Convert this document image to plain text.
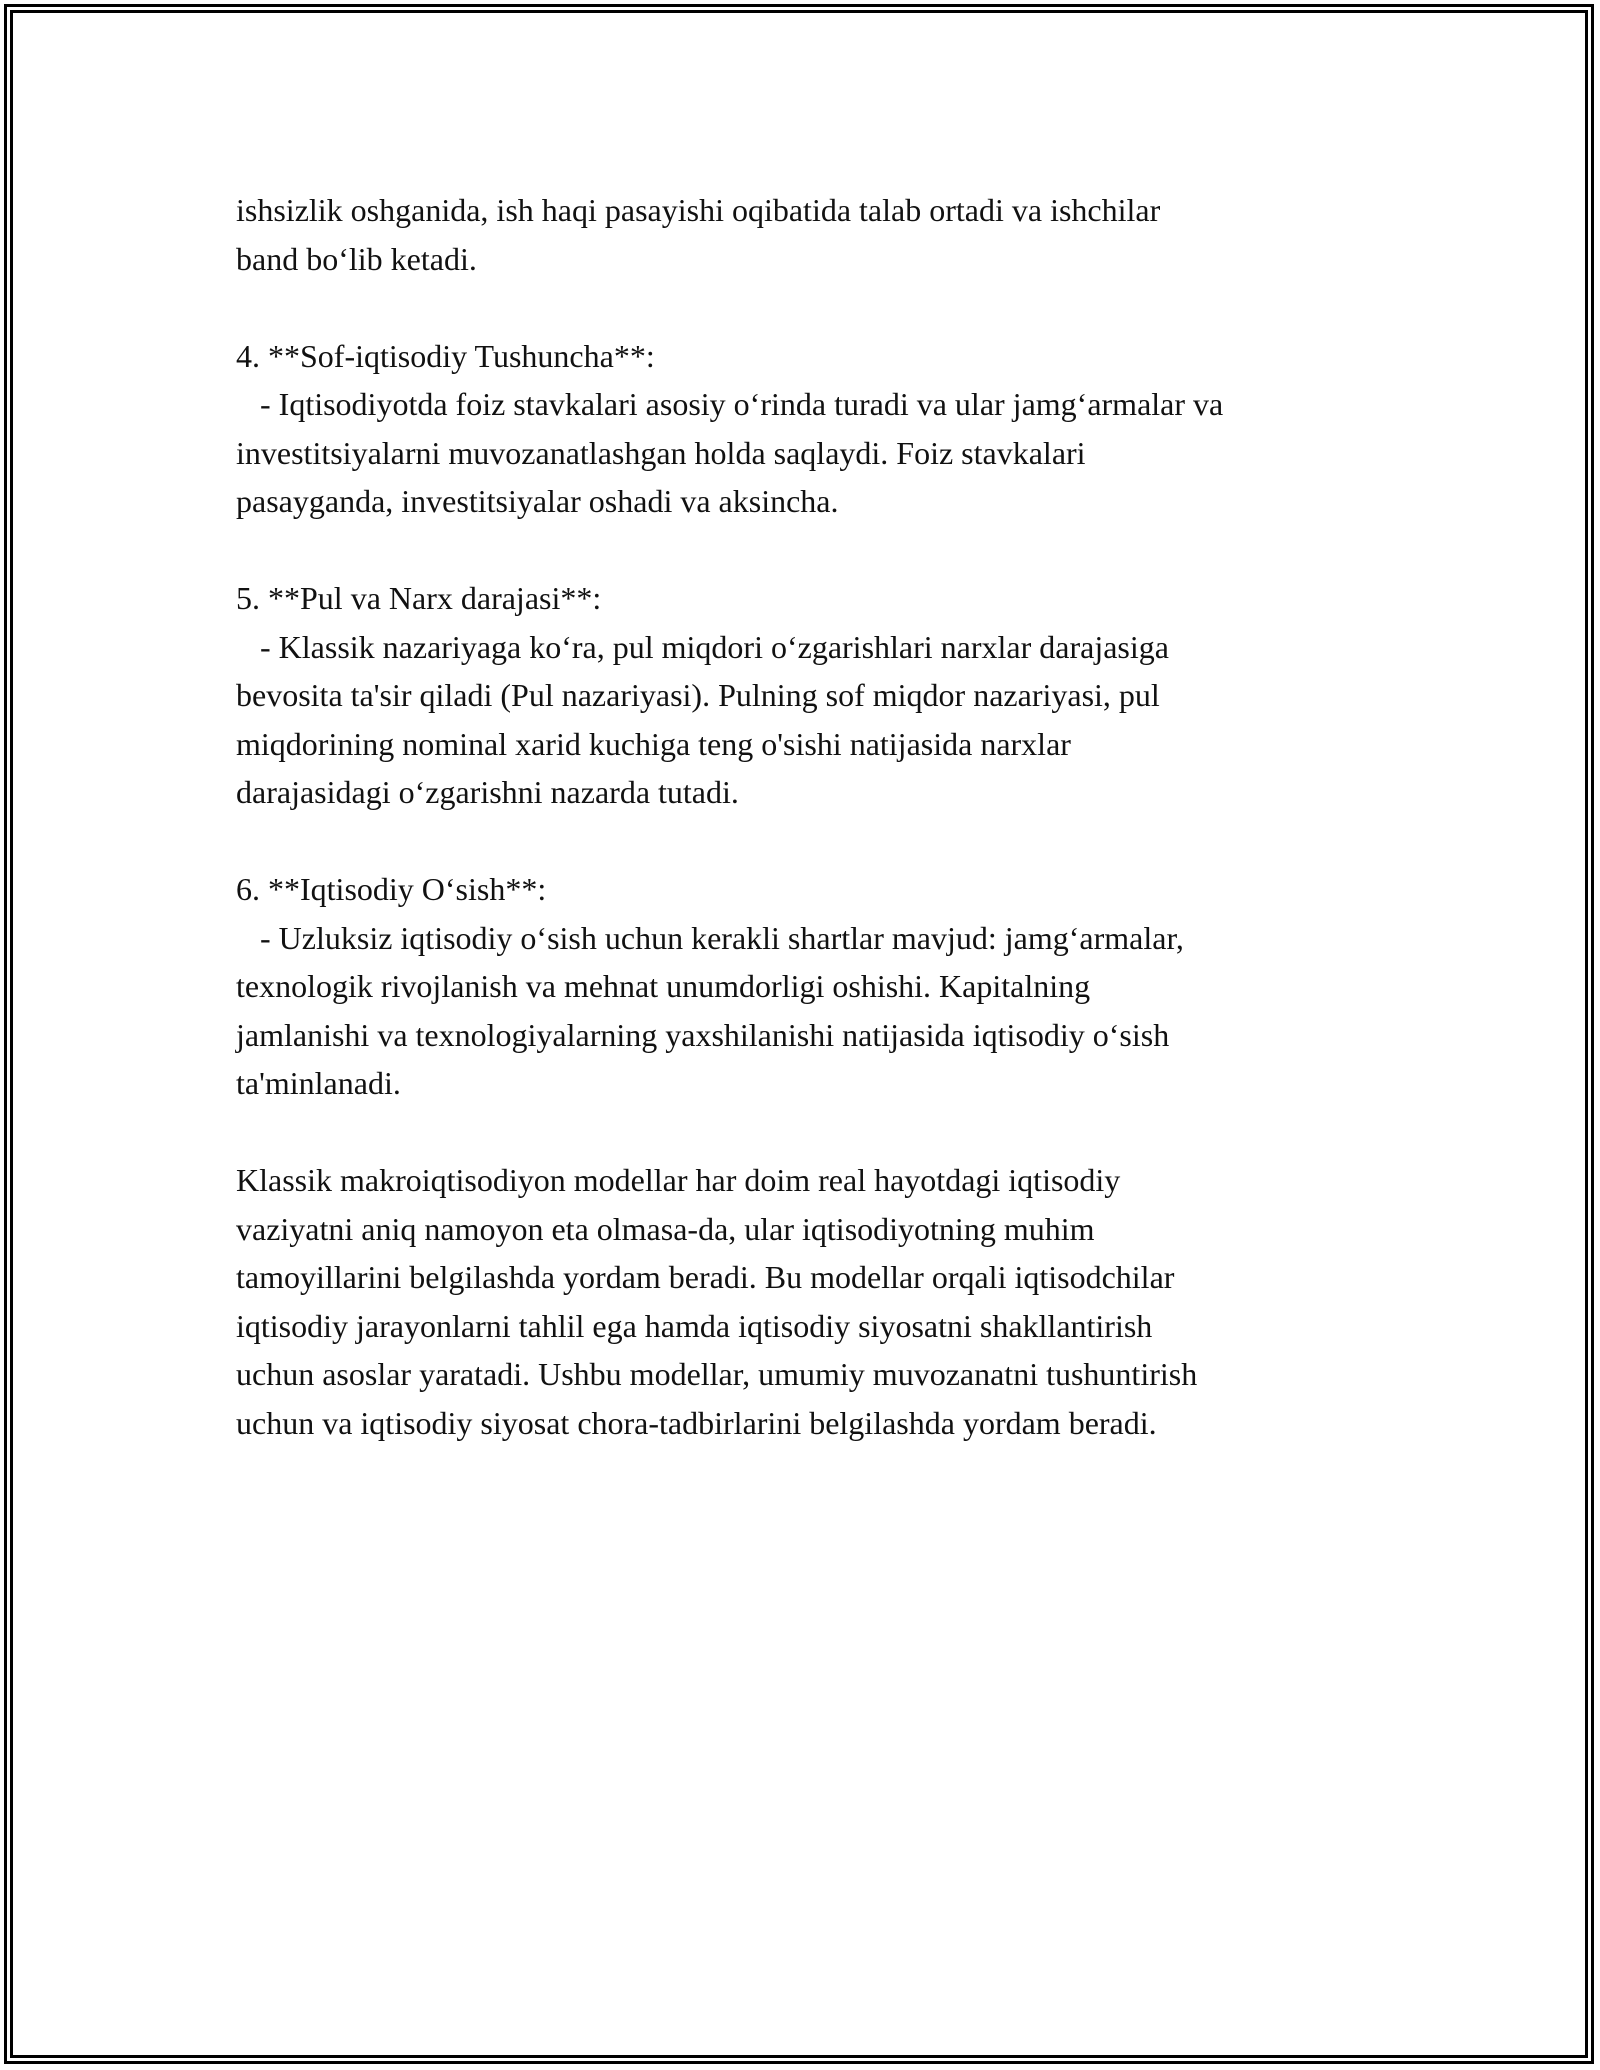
ishsizlik oshganida, ish haqi pasayishi oqibatida talab ortadi va ishchilar
band bo‘lib ketadi.
4. **Sof-iqtisodiy Tushuncha**:
- Iqtisodiyotda foiz stavkalari asosiy o‘rinda turadi va ular jamg‘armalar va
investitsiyalarni muvozanatlashgan holda saqlaydi. Foiz stavkalari
pasayganda, investitsiyalar oshadi va aksincha.
5. **Pul va Narx darajasi**:
- Klassik nazariyaga ko‘ra, pul miqdori o‘zgarishlari narxlar darajasiga
bevosita ta'sir qiladi (Pul nazariyasi). Pulning sof miqdor nazariyasi, pul
miqdorining nominal xarid kuchiga teng o'sishi natijasida narxlar
darajasidagi o‘zgarishni nazarda tutadi.
6. **Iqtisodiy O‘sish**:
- Uzluksiz iqtisodiy o‘sish uchun kerakli shartlar mavjud: jamg‘armalar,
texnologik rivojlanish va mehnat unumdorligi oshishi. Kapitalning
jamlanishi va texnologiyalarning yaxshilanishi natijasida iqtisodiy o‘sish
ta'minlanadi.
Klassik makroiqtisodiyon modellar har doim real hayotdagi iqtisodiy
vaziyatni aniq namoyon eta olmasa-da, ular iqtisodiyotning muhim
tamoyillarini belgilashda yordam beradi. Bu modellar orqali iqtisodchilar
iqtisodiy jarayonlarni tahlil ega hamda iqtisodiy siyosatni shakllantirish
uchun asoslar yaratadi. Ushbu modellar, umumiy muvozanatni tushuntirish
uchun va iqtisodiy siyosat chora-tadbirlarini belgilashda yordam beradi.
